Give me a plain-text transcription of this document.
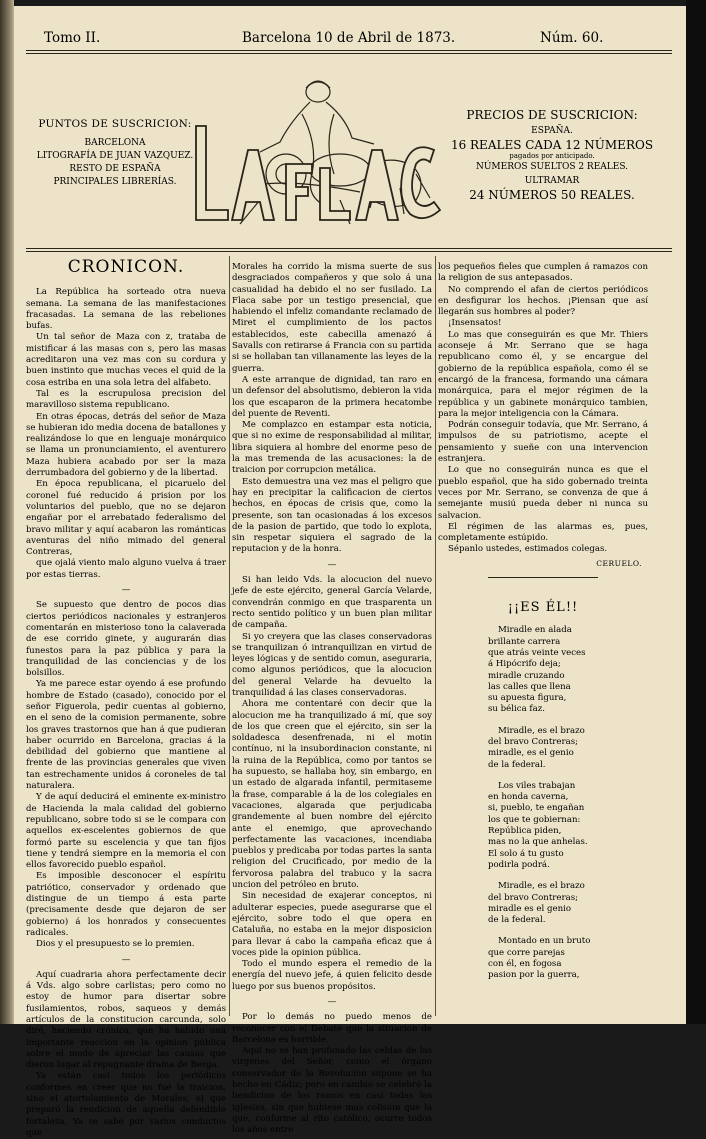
Tomo II.	Barcelona 10 de Abril de 1873.	Núm. 60.
PUNTOS DE SUSCRICION:
BARCELONA
LITOGRAFÍA DE JUAN VAZQUEZ.
RESTO DE ESPAÑA
PRINCIPALES LIBRERÍAS.
PRECIOS DE SUSCRICION:
ESPAÑA.
16 REALES CADA 12 NÚMEROS
pagados por anticipado.
NÚMEROS SUELTOS 2 REALES.
ULTRAMAR
24 NÚMEROS 50 REALES.
CRONICON.

La República ha sorteado otra nueva semana. La semana de las manifestaciones fracasadas. La semana de las rebeliones bufas.

Un tal señor de Maza con z, trataba de mistificar á las masas con s, pero las masas acreditaron una vez mas con su cordura y buen instinto que muchas veces el quid de la cosa estriba en una sola letra del alfabeto.

Tal es la escrupulosa precision del maravilloso sistema republicano.

En otras épocas, detrás del señor de Maza se hubieran ido media docena de batallones y realizándose lo que en lenguaje monárquico se llama un pronunciamiento, el aventurero Maza hubiera acabado por ser la maza derrumbadora del gobierno y de la libertad.

En época republicana, el picaruelo del coronel fué reducido á prision por los voluntarios del pueblo, que no se dejaron engañar por el arrebatado federalismo del bravo militar y aquí acabaron las románticas aventuras del niño mimado del general Contreras,

que ojalá viento malo alguno vuelva á traer por estas tierras.

—

Se supuesto que dentro de pocos dias ciertos periódicos nacionales y estranjeros comentarán en misterioso tono la calaverada de ese corrido ginete, y augurarán dias funestos para la paz pública y para la tranquilidad de las conciencias y de los bolsillos.

Ya me parece estar oyendo á ese profundo hombre de Estado (casado), conocido por el señor Figuerola, pedir cuentas al gobierno, en el seno de la comision permanente, sobre los graves trastornos que han á que pudieran haber ocurrido en Barcelona, gracias á la debilidad del gobierno que mantiene al frente de las provincias generales que viven tan estrechamente unidos á coroneles de tal naturalera.

Y de aquí deducirá el eminente ex-ministro de Hacienda la mala calidad del gobierno republicano, sobre todo si se le compara con aquellos ex-escelentes gobiernos de que formó parte su escelencia y que tan fijos tiene y tendrá siempre en la memoria el con ellos favorecido pueblo español.

Es imposible desconocer el espíritu patriótico, conservador y ordenado que distingue de un tiempo á esta parte (precisamente desde que dejaron de ser gobierno) á los honrados y consecuentes radicales.

Dios y el presupuesto se lo premien.

—

Aquí cuadraria ahora perfectamente decir á Vds. algo sobre carlistas; pero como no estoy de humor para disertar sobre fusilamientos, robos, saqueos y demás artículos de la constitucion carcunda, solo diré, haciendo crónica, que ha habido una importante reaccion en la opinion pública sobre el modo de apreciar las causas que dieron lugar al repugnante drama de Berga.

Ya están casi todos los periódicos conformes en creer que no fué la traicion, sino el atortolamiento de Morales, el que preparó la rendicion de aquella defendible fortaleza. Ya se sabe por varios conductos que

Morales ha corrido la misma suerte de sus desgraciados compañeros y que solo á una casualidad ha debido el no ser fusilado. La Flaca sabe por un testigo presencial, que habiendo el infeliz comandante reclamado de Miret el cumplimiento de los pactos establecidos, este cabecilla amenazó á Savalls con retirarse á Francia con su partida si se hollaban tan villanamente las leyes de la guerra.

A este arranque de dignidad, tan raro en un defensor del absolutismo, debieron la vida los que escaparon de la primera hecatombe del puente de Reventi.

Me complazco en estampar esta noticia, que si no exime de responsabilidad al militar, libra siquiera al hombre del enorme peso de la mas tremenda de las acusaciones: la de traicion por corrupcion metálica.

Esto demuestra una vez mas el peligro que hay en precipitar la calificacion de ciertos hechos, en épocas de crisis que, como la presente, son tan ocasionadas á los excesos de la pasion de partido, que todo lo explota, sin respetar siquiera el sagrado de la reputacion y de la honra.

—

Si han leido Vds. la alocucion del nuevo jefe de este ejército, general García Velarde, convendrán conmigo en que trasparenta un recto sentido político y un buen plan militar de campaña.

Si yo creyera que las clases conservadoras se tranquilizan ó intranquilizan en virtud de leyes lógicas y de sentido comun, aseguraria, como algunos periódicos, que la alocucion del general Velarde ha devuelto la tranquilidad á las clases conservadoras.

Ahora me contentaré con decir que la alocucion me ha tranquilizado á mí, que soy de los que creen que el ejército, sin ser la soldadesca desenfrenada, ni el motin contínuo, ni la insubordinacion constante, ni la ruina de la República, como por tantos se ha supuesto, se hallaba hoy, sin embargo, en un estado de algarada infantil, permitaseme la frase, comparable á la de los colegiales en vacaciones, algarada que perjudicaba grandemente al buen nombre del ejército ante el enemigo, que aprovechando perfectamente las vacaciones, incendiaba pueblos y predicaba por todas partes la santa religion del Crucificado, por medio de la fervorosa palabra del trabuco y la sacra uncion del petróleo en bruto.

Sin necesidad de exajerar conceptos, ni adulterar especies, puede asegurarse que el ejército, sobre todo el que opera en Cataluña, no estaba en la mejor disposicion para llevar á cabo la campaña eficaz que á voces pide la opinion pública.

Todo el mundo espera el remedio de la energía del nuevo jefe, á quien felicito desde luego por sus buenos propósitos.

—

Por lo demás no puedo menos de reconocer con el Debate que la situacion de Barcelona es horrible.

Aquí no se han profanado las celdas de las vírgenes del Señor, como el órgano conservador de la Revolucion supone se ha hecho en Cádiz; pero en cambio se celebró la bendicion de los ramos en casi todas las iglesias, sin que hubiese mas colision que la que, conforme al rito católico, ocurre todos los años entre

los pequeños fieles que cumplen á ramazos con la religion de sus antepasados.

No comprendo el afan de ciertos periódicos en desfigurar los hechos. ¡Piensan que así llegarán sus hombres al poder?

¡Insensatos!

Lo mas que conseguirán es que Mr. Thiers aconseje á Mr. Serrano que se haga republicano como él, y se encargue del gobierno de la república española, como él se encargó de la francesa, formando una cámara monárquica, para el mejor régimen de la república y un gabinete monárquico tambien, para la mejor inteligencia con la Cámara.

Podrán conseguir todavía, que Mr. Serrano, á impulsos de su patriotismo, acepte el pensamiento y sueñe con una intervencion estranjera.

Lo que no conseguirán nunca es que el pueblo español, que ha sido gobernado treinta veces por Mr. Serrano, se convenza de que á semejante musiú pueda deber ni nunca su salvacion.

El régimen de las alarmas es, pues, completamente estúpido.

Sépanlo ustedes, estimados colegas.

CERUELO.
¡¡ES ÉL!!
Miradle en alada
brillante carrera
que atrás veinte veces
á Hipócrifo deja;
miradle cruzando
las calles que llena
su apuesta figura,
su bélica faz.
Miradle, es el brazo
del bravo Contreras;
miradle, es el genio
de la federal.
Los viles trabajan
en honda caverna,
si, pueblo, te engañan
los que te gobiernan:
República piden,
mas no la que anhelas.
El solo á tu gusto
podirla podrá.
Miradle, es el brazo
del bravo Contreras;
miradle es el genio
de la federal.
Montado en un bruto
que corre parejas
con él, en fogosa
pasion por la guerra,
